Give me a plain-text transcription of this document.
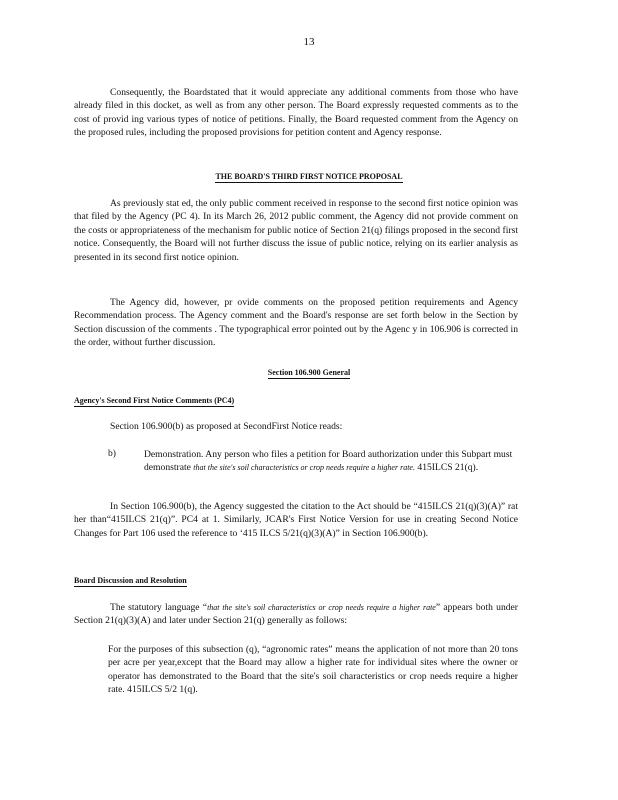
13
Consequently, the Boardstated that it would appreciate any additional comments from those who have already filed in this docket, as well as from any other person. The Board expressly requested comments as to the cost of provid ing various types of notice of petitions. Finally, the Board requested comment from the Agency on the proposed rules, including the proposed provisions for petition content and Agency response.
THE BOARD'S THIRD FIRST NOTICE PROPOSAL
As previously stat ed, the only public comment received in response to the second first notice opinion was that filed by the Agency (PC 4). In its March 26, 2012 public comment, the Agency did not provide comment on the costs or appropriateness of the mechanism for public notice of Section 21(q) filings proposed in the second first notice. Consequently, the Board will not further discuss the issue of public notice, relying on its earlier analysis as presented in its second first notice opinion.
The Agency did, however, pr ovide comments on the proposed petition requirements and Agency Recommendation process. The Agency comment and the Board's response are set forth below in the Section by Section discussion of the comments . The typographical error pointed out by the Agenc y in 106.906 is corrected in the order, without further discussion.
Section 106.900 General
Agency's Second First Notice Comments (PC4)
Section 106.900(b) as proposed at SecondFirst Notice reads:
b)	Demonstration. Any person who files a petition for Board authorization under this Subpart must demonstrate that the site's soil characteristics or crop needs require a higher rate. 415ILCS 21(q).
In Section 106.900(b), the Agency suggested the citation to the Act should be “415ILCS 21(q)(3)(A)” rat her than“415ILCS 21(q)”. PC4 at 1. Similarly, JCAR's First Notice Version for use in creating Second Notice Changes for Part 106 used the reference to ‘415 ILCS 5/21(q)(3)(A)” in Section 106.900(b).
Board Discussion and Resolution
The statutory language “that the site's soil characteristics or crop needs require a higher rate” appears both under Section 21(q)(3)(A) and later under Section 21(q) generally as follows:
For the purposes of this subsection (q), “agronomic rates” means the application of not more than 20 tons per acre per year,except that the Board may allow a higher rate for individual sites where the owner or operator has demonstrated to the Board that the site's soil characteristics or crop needs require a higher rate. 415ILCS 5/2 1(q).
